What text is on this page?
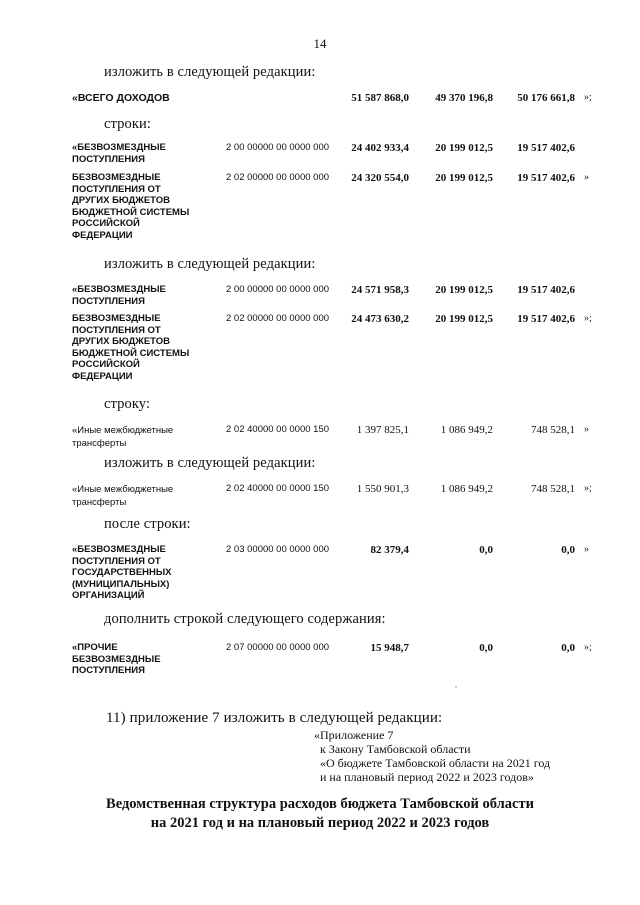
14
изложить в следующей редакции:
«ВСЕГО ДОХОДОВ	51 587 868,0	49 370 196,8	50 176 661,8 »;
строки:
«БЕЗВОЗМЕЗДНЫЕ
ПОСТУПЛЕНИЯ
2 00 00000 00 0000 000	24 402 933,4	20 199 012,5	19 517 402,6
БЕЗВОЗМЕЗДНЫЕ
ПОСТУПЛЕНИЯ ОТ
ДРУГИХ БЮДЖЕТОВ
БЮДЖЕТНОЙ СИСТЕМЫ
РОССИЙСКОЙ
ФЕДЕРАЦИИ
2 02 00000 00 0000 000	24 320 554,0	20 199 012,5	19 517 402,6 »
изложить в следующей редакции:
«БЕЗВОЗМЕЗДНЫЕ
ПОСТУПЛЕНИЯ
2 00 00000 00 0000 000	24 571 958,3	20 199 012,5	19 517 402,6
БЕЗВОЗМЕЗДНЫЕ
ПОСТУПЛЕНИЯ ОТ
ДРУГИХ БЮДЖЕТОВ
БЮДЖЕТНОЙ СИСТЕМЫ
РОССИЙСКОЙ
ФЕДЕРАЦИИ
2 02 00000 00 0000 000	24 473 630,2	20 199 012,5	19 517 402,6 »;
строку:
«Иные межбюджетные
трансферты
2 02 40000 00 0000 150	1 397 825,1	1 086 949,2	748 528,1 »
изложить в следующей редакции:
«Иные межбюджетные
трансферты
2 02 40000 00 0000 150	1 550 901,3	1 086 949,2	748 528,1 »;
после строки:
«БЕЗВОЗМЕЗДНЫЕ
ПОСТУПЛЕНИЯ ОТ
ГОСУДАРСТВЕННЫХ
(МУНИЦИПАЛЬНЫХ)
ОРГАНИЗАЦИЙ
2 03 00000 00 0000 000	82 379,4	0,0	0,0 »
дополнить строкой следующего содержания:
«ПРОЧИЕ
БЕЗВОЗМЕЗДНЫЕ
ПОСТУПЛЕНИЯ
2 07 00000 00 0000 000	15 948,7	0,0	0,0 »;
11) приложение 7 изложить в следующей редакции:
«Приложение 7
к Закону Тамбовской области
«О бюджете Тамбовской области на 2021 год
и на плановый период 2022 и 2023 годов»
Ведомственная структура расходов бюджета Тамбовской области
на 2021 год и на плановый период 2022 и 2023 годов
